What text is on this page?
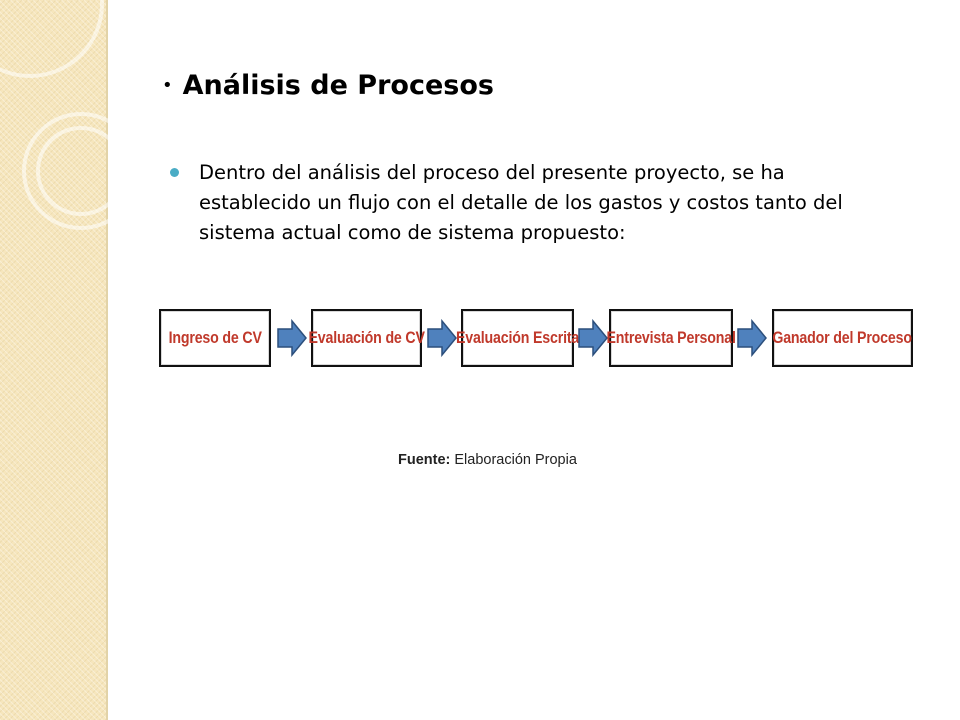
• Análisis de Procesos
Dentro del análisis del proceso del presente proyecto, se ha establecido un flujo con el detalle de los gastos y costos tanto del sistema actual como de sistema propuesto:
Ingreso de CV	Evaluación de CV Evaluación Escrita Entrevista Personal Ganador del Proceso
Fuente: Elaboración Propia
